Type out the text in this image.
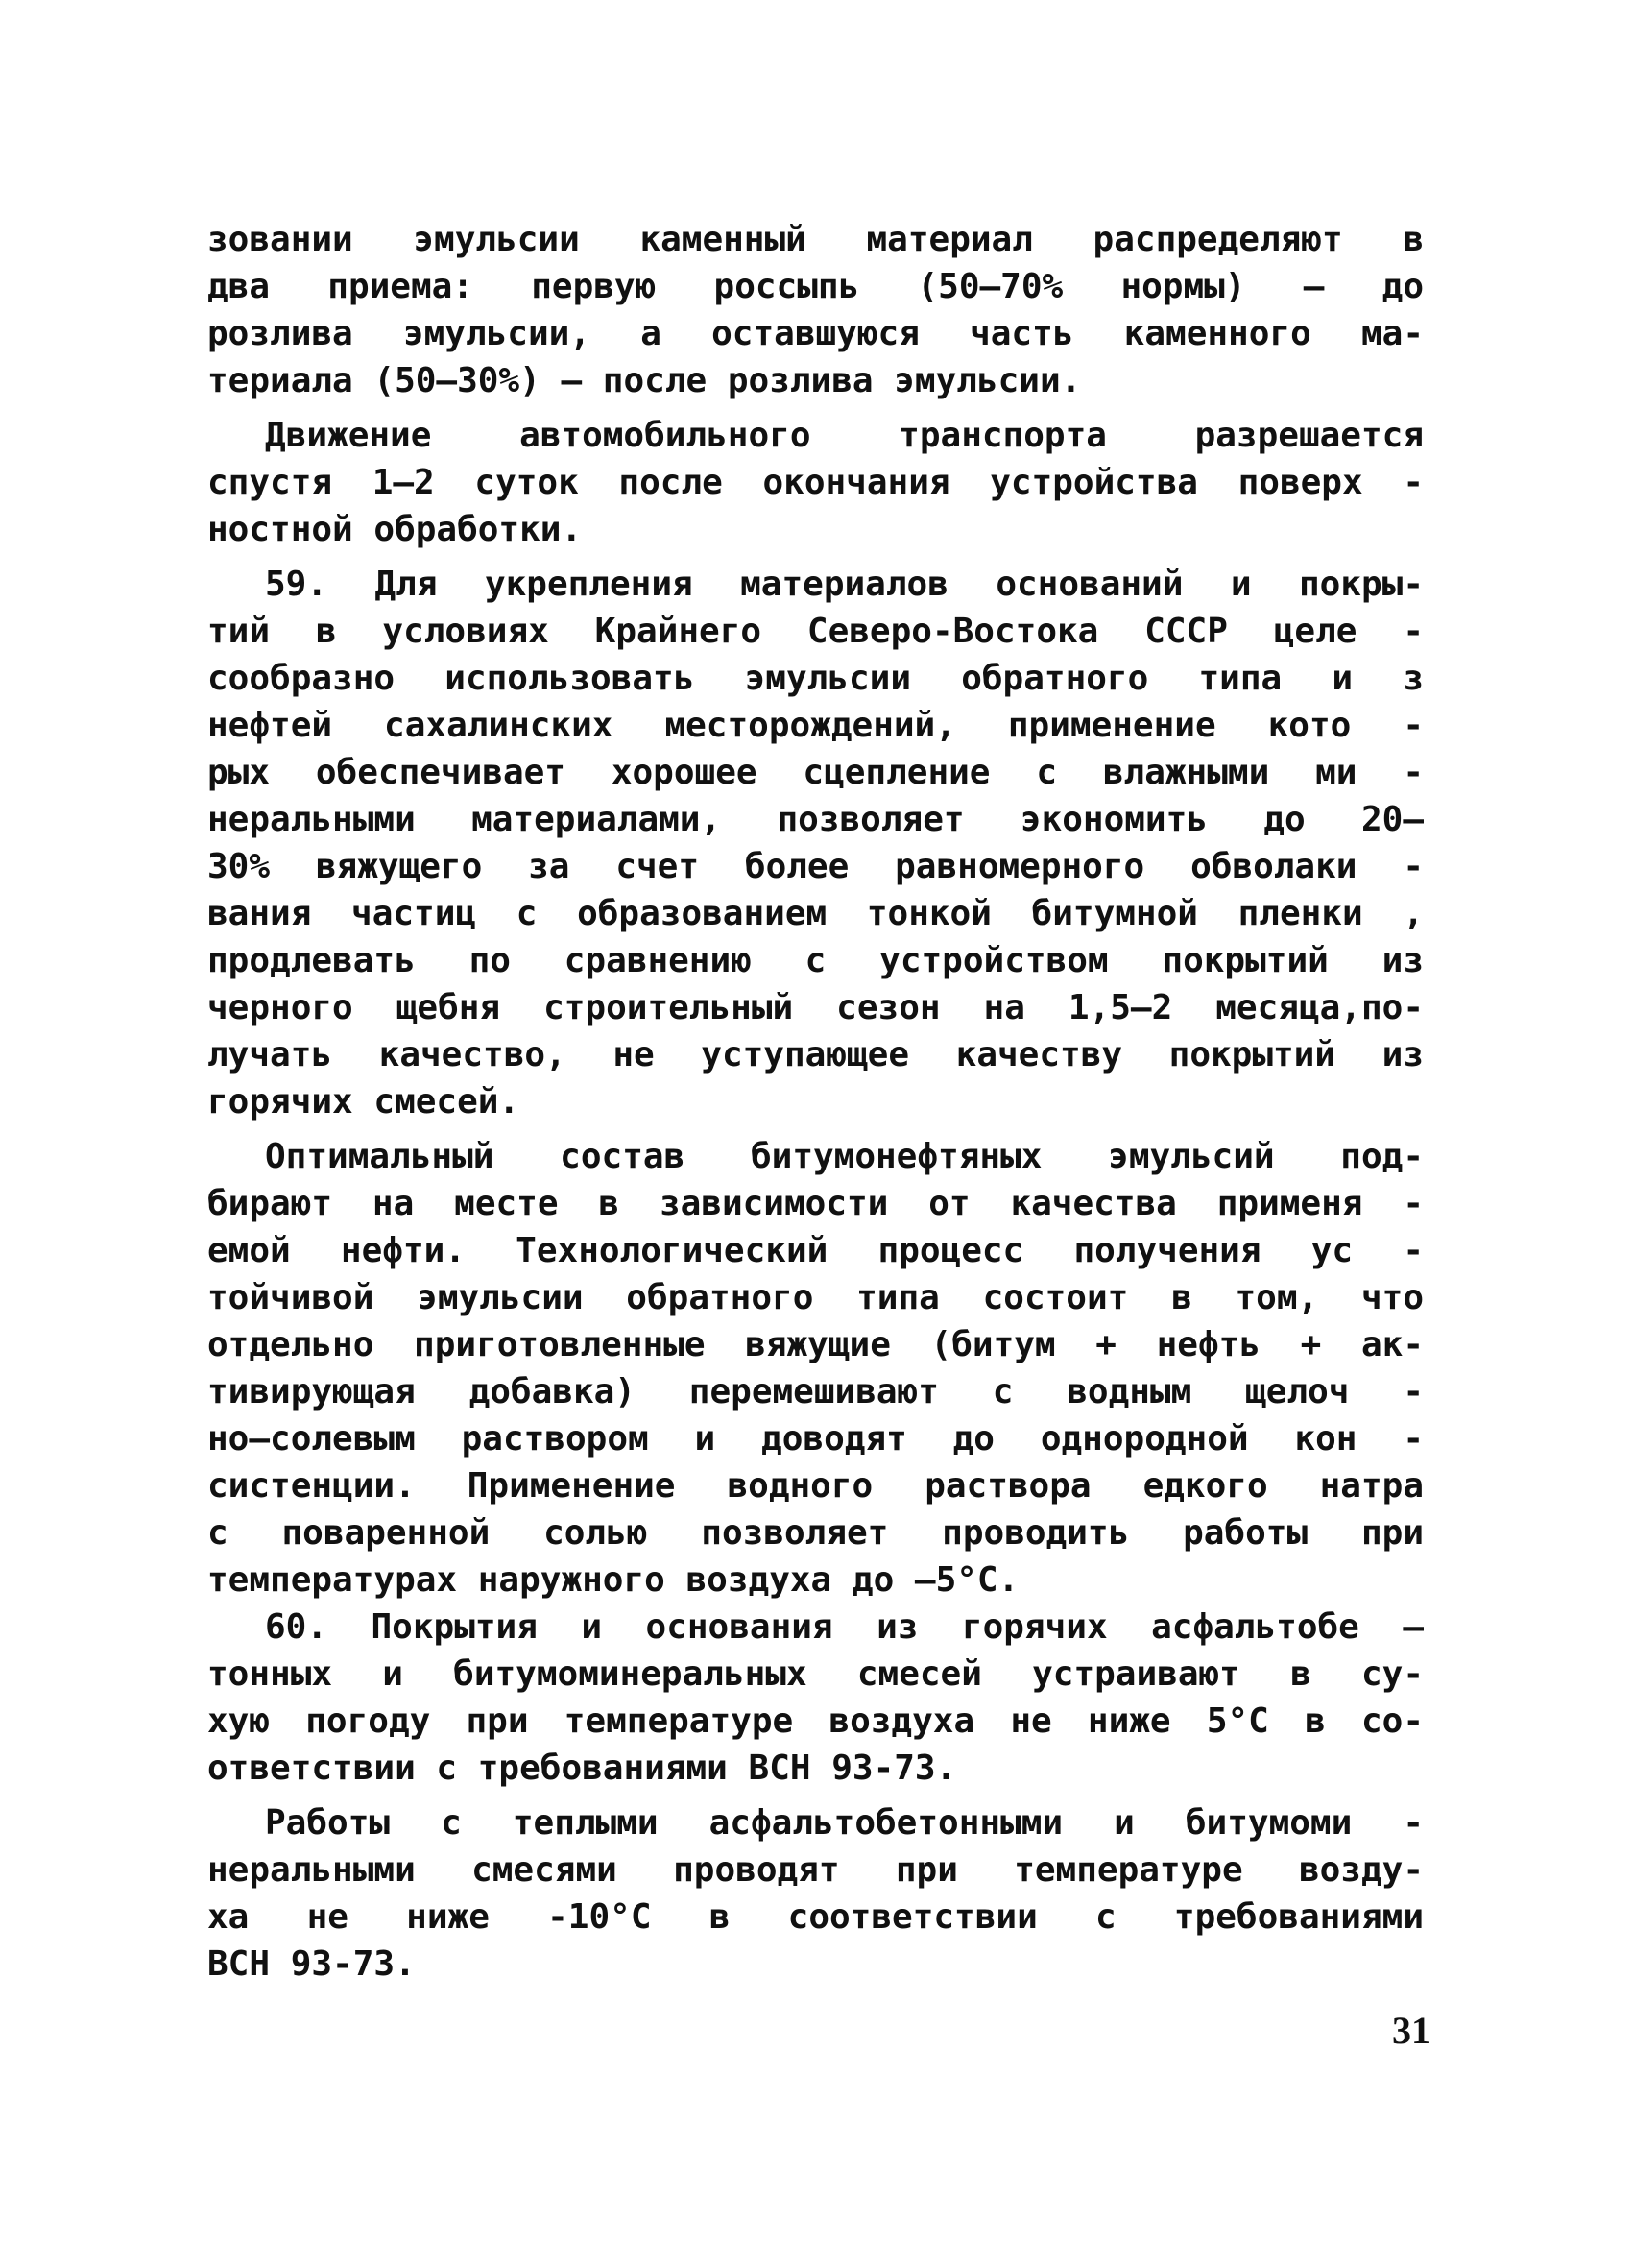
зовании эмульсии каменный материал распределяют в
два приема: первую россыпь (50–70% нормы) – до
розлива эмульсии, а оставшуюся часть каменного ма-
териала (50–30%) – после розлива эмульсии.
Движение автомобильного транспорта разрешается
спустя 1–2 суток после окончания устройства поверх -
ностной обработки.
59. Для укрепления материалов оснований и покры-
тий в условиях Крайнего Северо-Востока СССР целе -
сообразно использовать эмульсии обратного типа и з
нефтей сахалинских месторождений, применение кото -
рых обеспечивает хорошее сцепление с влажными ми -
неральными материалами, позволяет экономить до 20–
30% вяжущего за счет более равномерного обволаки -
вания частиц с образованием тонкой битумной пленки ,
продлевать по сравнению с устройством покрытий из
черного щебня строительный сезон на 1,5–2 месяца,по-
лучать качество, не уступающее качеству покрытий из
горячих смесей.
Оптимальный состав битумонефтяных эмульсий под-
бирают на месте в зависимости от качества применя -
емой нефти. Технологический процесс получения ус -
тойчивой эмульсии обратного типа состоит в том, что
отдельно приготовленные вяжущие (битум + нефть + ак-
тивирующая добавка) перемешивают с водным щелоч -
но–солевым раствором и доводят до однородной кон -
систенции. Применение водного раствора едкого натра
с поваренной солью позволяет проводить работы при
температурах наружного воздуха до –5°С.
60. Покрытия и основания из горячих асфальтобе –
тонных и битумоминеральных смесей устраивают в су-
хую погоду при температуре воздуха не ниже 5°С в со-
ответствии с требованиями ВСН 93-73.
Работы с теплыми асфальтобетонными и битумоми -
неральными смесями проводят при температуре возду-
ха не ниже -10°С в соответствии с требованиями
ВСН 93-73.
31
